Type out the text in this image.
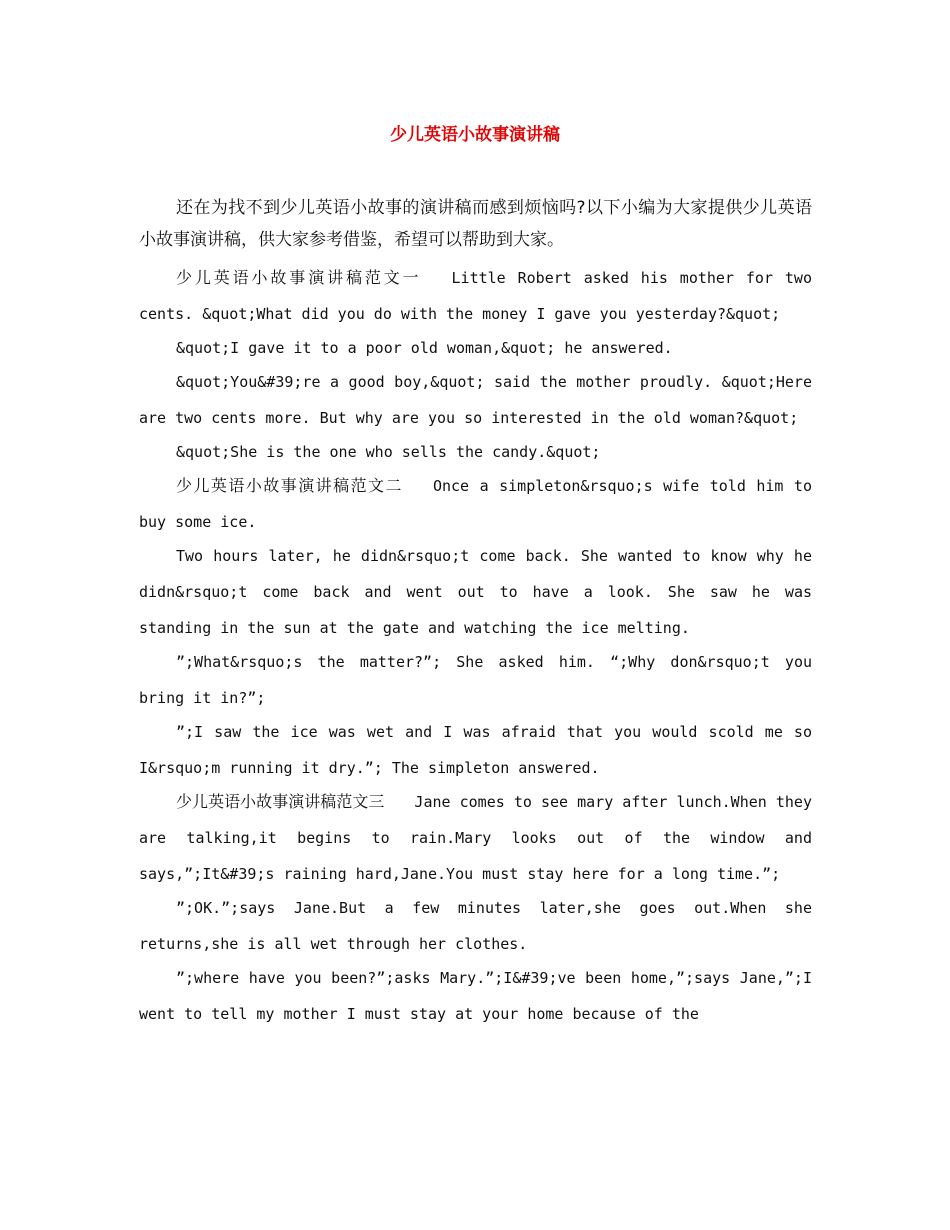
少儿英语小故事演讲稿

还在为找不到少儿英语小故事的演讲稿而感到烦恼吗?以下小编为大家提供少儿英语小故事演讲稿，供大家参考借鉴，希望可以帮助到大家。

少儿英语小故事演讲稿范文一 Little Robert asked his mother for two cents. &quot;What did you do with the money I gave you yesterday?&quot;

&quot;I gave it to a poor old woman,&quot; he answered.

&quot;You&#39;re a good boy,&quot; said the mother proudly. &quot;Here are two cents more. But why are you so interested in the old woman?&quot;

&quot;She is the one who sells the candy.&quot;

少儿英语小故事演讲稿范文二 Once a simpleton&rsquo;s wife told him to buy some ice.

Two hours later, he didn&rsquo;t come back. She wanted to know why he didn&rsquo;t come back and went out to have a look. She saw he was standing in the sun at the gate and watching the ice melting.

”;What&rsquo;s the matter?”; She asked him. “;Why don&rsquo;t you bring it in?”;

”;I saw the ice was wet and I was afraid that you would scold me so I&rsquo;m running it dry.”; The simpleton answered.

少儿英语小故事演讲稿范文三 Jane comes to see mary after lunch.When they are talking,it begins to rain.Mary looks out of the window and says,”;It&#39;s raining hard,Jane.You must stay here for a long time.”;

”;OK.”;says Jane.But a few minutes later,she goes out.When she returns,she is all wet through her clothes.

”;where have you been?”;asks Mary.”;I&#39;ve been home,”;says Jane,”;I went to tell my mother I must stay at your home because of the
